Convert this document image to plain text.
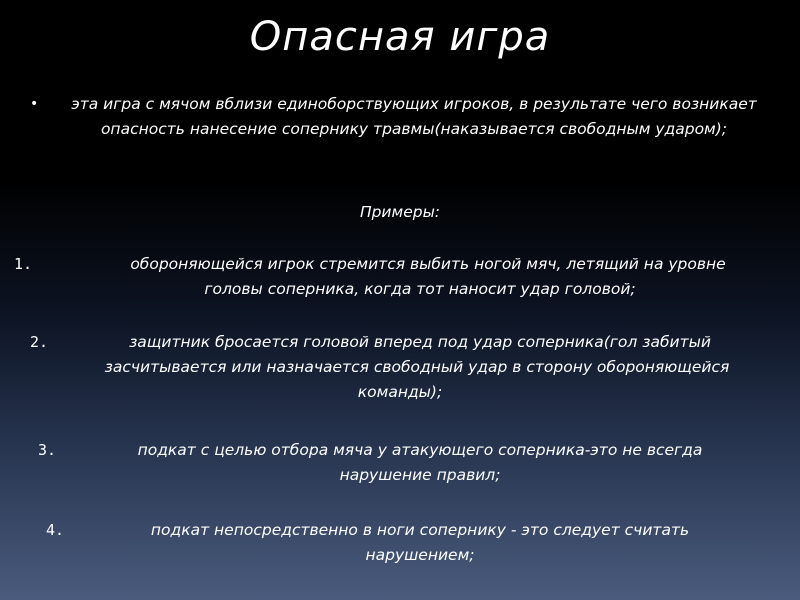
Опасная игра
•	эта игра с мячом вблизи единоборствующих игроков, в результате чего возникает опасность нанесение сопернику травмы(наказывается свободным ударом);
Примеры:
1.	обороняющейся игрок стремится выбить ногой мяч, летящий на уровне
головы соперника, когда тот наносит удар головой;
2.	защитник бросается головой вперед под удар соперника(гол забитый
засчитывается или назначается свободный удар в сторону обороняющейся
команды);
3.	подкат с целью отбора мяча у атакующего соперника-это не всегда
нарушение правил;
4.	подкат непосредственно в ноги сопернику - это следует считать
нарушением;
